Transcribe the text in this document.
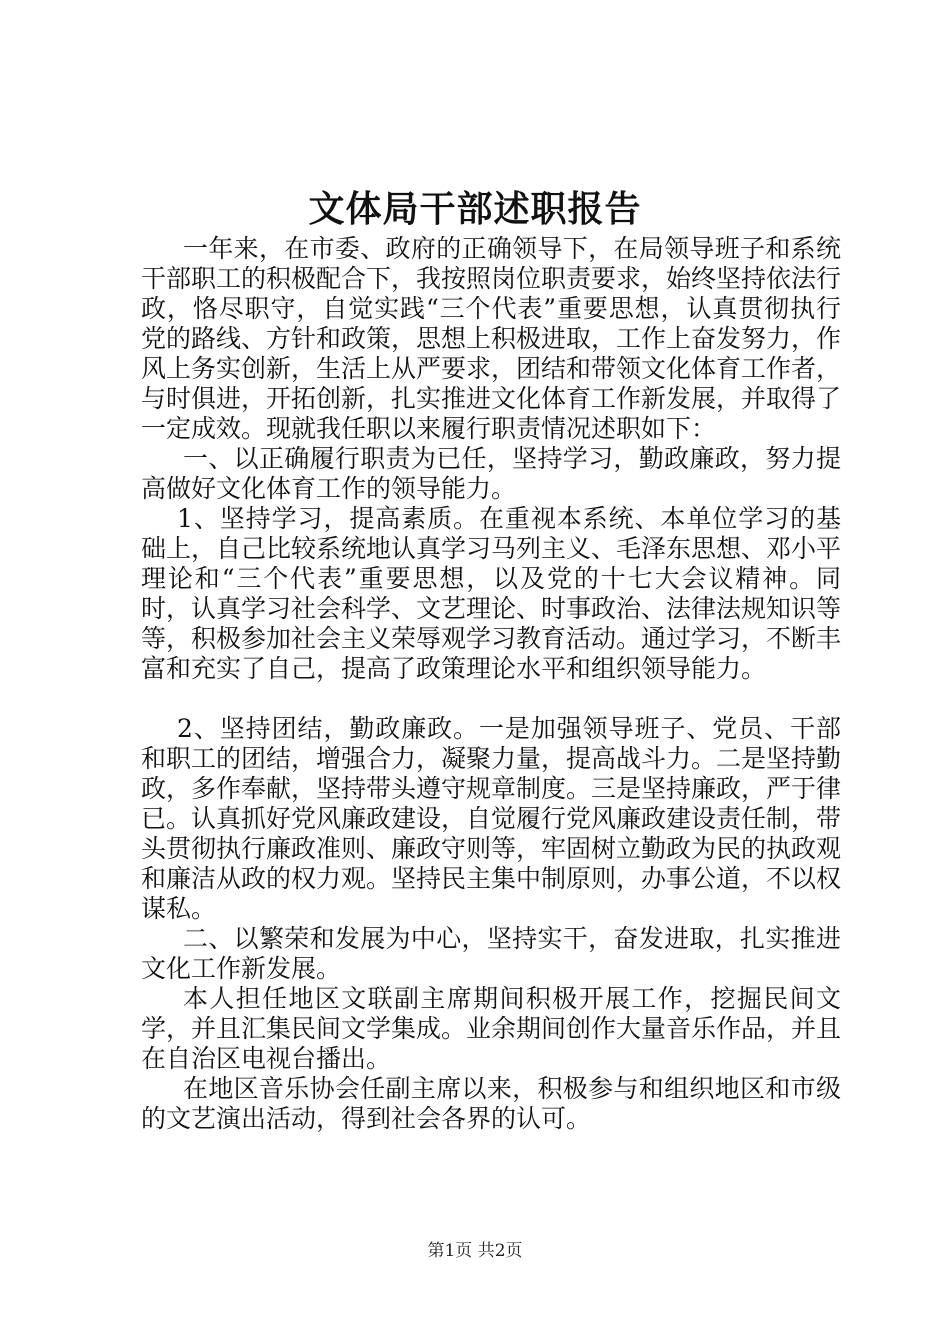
文体局干部述职报告

一年来，在市委、政府的正确领导下，在局领导班子和系统干部职工的积极配合下，我按照岗位职责要求，始终坚持依法行政，恪尽职守，自觉实践“三个代表”重要思想，认真贯彻执行党的路线、方针和政策，思想上积极进取，工作上奋发努力，作风上务实创新，生活上从严要求，团结和带领文化体育工作者，与时俱进，开拓创新，扎实推进文化体育工作新发展，并取得了一定成效。现就我任职以来履行职责情况述职如下：

一、以正确履行职责为已任，坚持学习，勤政廉政，努力提高做好文化体育工作的领导能力。

1、坚持学习，提高素质。在重视本系统、本单位学习的基础上，自己比较系统地认真学习马列主义、毛泽东思想、邓小平理论和“三个代表”重要思想，以及党的十七大会议精神。同时，认真学习社会科学、文艺理论、时事政治、法律法规知识等等，积极参加社会主义荣辱观学习教育活动。通过学习，不断丰富和充实了自己，提高了政策理论水平和组织领导能力。

2、坚持团结，勤政廉政。一是加强领导班子、党员、干部和职工的团结，增强合力，凝聚力量，提高战斗力。二是坚持勤政，多作奉献，坚持带头遵守规章制度。三是坚持廉政，严于律已。认真抓好党风廉政建设，自觉履行党风廉政建设责任制，带头贯彻执行廉政准则、廉政守则等，牢固树立勤政为民的执政观和廉洁从政的权力观。坚持民主集中制原则，办事公道，不以权谋私。

二、以繁荣和发展为中心，坚持实干，奋发进取，扎实推进文化工作新发展。

本人担任地区文联副主席期间积极开展工作，挖掘民间文学，并且汇集民间文学集成。业余期间创作大量音乐作品，并且在自治区电视台播出。

在地区音乐协会任副主席以来，积极参与和组织地区和市级的文艺演出活动，得到社会各界的认可。

第1页 共2页
